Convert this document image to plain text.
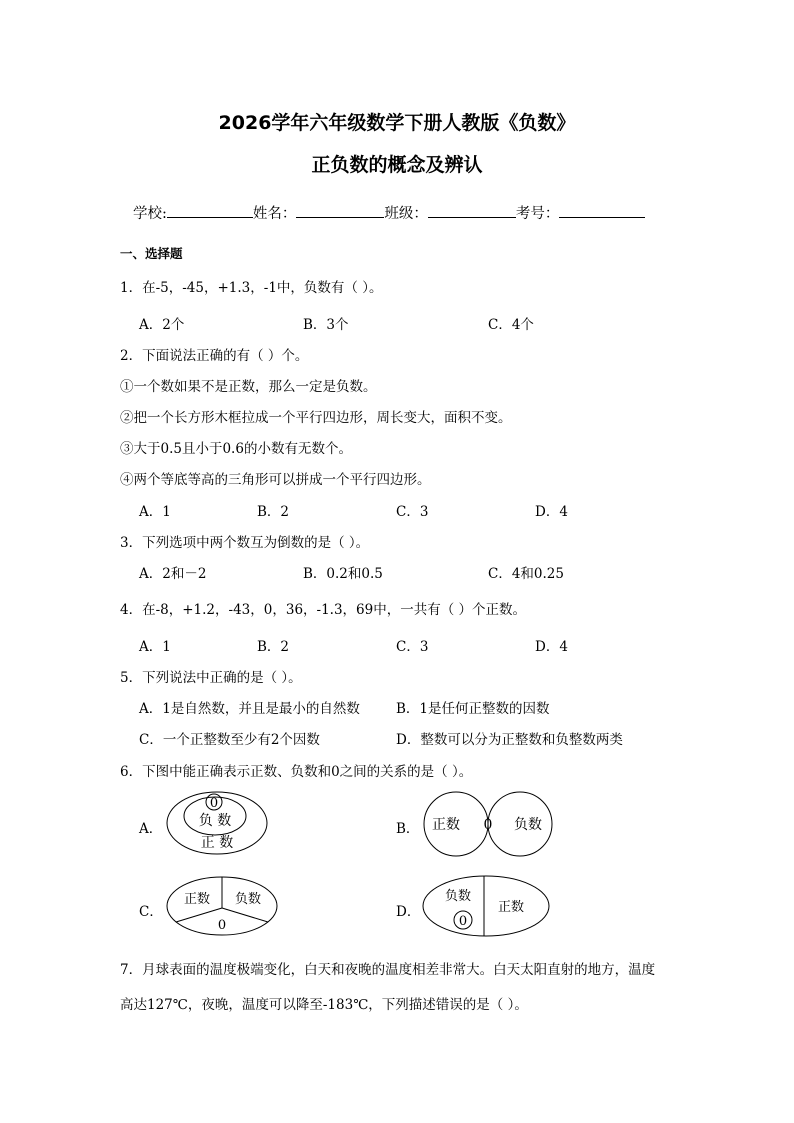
2026学年六年级数学下册人教版《负数》
正负数的概念及辨认
学校:	姓名：	班级：	考号：
一、选择题
1．在-5，-45，+1.3，-1中，负数有（ ）。
A．2个	B．3个	C．4个
2．下面说法正确的有（ ）个。
①一个数如果不是正数，那么一定是负数。
②把一个长方形木框拉成一个平行四边形，周长变大，面积不变。
③大于0.5且小于0.6的小数有无数个。
④两个等底等高的三角形可以拼成一个平行四边形。
A．1	B．2	C．3	D．4
3．下列选项中两个数互为倒数的是（ ）。
A．2和－2	B．0.2和0.5	C．4和0.25
4．在-8，+1.2，-43，0，36，-1.3，69中，一共有（ ）个正数。
A．1	B．2	C．3	D．4
5．下列说法中正确的是（ ）。
A．1是自然数，并且是最小的自然数	B．1是任何正整数的因数
C．一个正整数至少有2个因数	D．整数可以分为正整数和负整数两类
6．下图中能正确表示正数、负数和0之间的关系的是（ ）。
A．
0
负 数
正 数
B． 正数 0 负数
C．
正数 负数
0
D．
负数
0
正数
7．月球表面的温度极端变化，白天和夜晚的温度相差非常大。白天太阳直射的地方，温度
高达127℃，夜晚，温度可以降至-183℃，下列描述错误的是（ ）。
